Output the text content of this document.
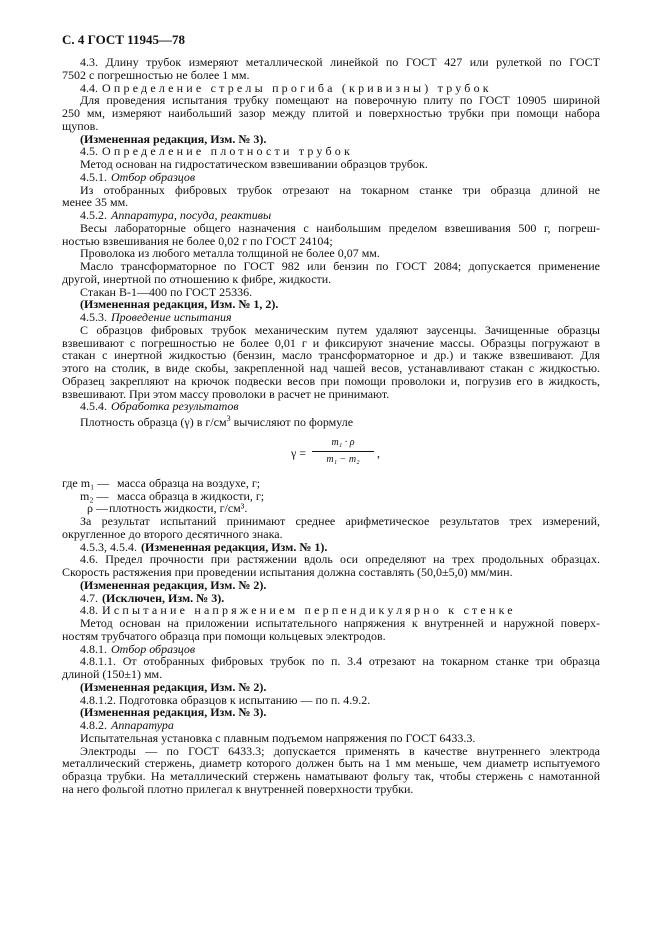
С. 4 ГОСТ 11945—78
4.3. Длину трубок измеряют металлической линейкой по ГОСТ 427 или рулеткой по ГОСТ
7502 с погрешностью не более 1 мм.
4.4. Определение стрелы прогиба (кривизны) трубок
Для проведения испытания трубку помещают на поверочную плиту по ГОСТ 10905 шириной
250 мм, измеряют наибольший зазор между плитой и поверхностью трубки при помощи набора
щупов.
(Измененная редакция, Изм. № 3).
4.5. Определение плотности трубок
Метод основан на гидростатическом взвешивании образцов трубок.
4.5.1. Отбор образцов
Из отобранных фибровых трубок отрезают на токарном станке три образца длиной не
менее 35 мм.
4.5.2. Аппаратура, посуда, реактивы
Весы лабораторные общего назначения с наибольшим пределом взвешивания 500 г, погреш-
ностью взвешивания не более 0,02 г по ГОСТ 24104;
Проволока из любого металла толщиной не более 0,07 мм.
Масло трансформаторное по ГОСТ 982 или бензин по ГОСТ 2084; допускается применение
другой, инертной по отношению к фибре, жидкости.
Стакан В-1—400 по ГОСТ 25336.
(Измененная редакция, Изм. № 1, 2).
4.5.3. Проведение испытания
С образцов фибровых трубок механическим путем удаляют заусенцы. Зачищенные образцы
взвешивают с погрешностью не более 0,01 г и фиксируют значение массы. Образцы погружают в
стакан с инертной жидкостью (бензин, масло трансформаторное и др.) и также взвешивают. Для
этого на столик, в виде скобы, закрепленной над чашей весов, устанавливают стакан с жидкостью.
Образец закрепляют на крючок подвески весов при помощи проволоки и, погрузив его в жидкость,
взвешивают. При этом массу проволоки в расчет не принимают.
4.5.4. Обработка результатов
Плотность образца (γ) в $г/см^3$ вычисляют по формуле
γ =
m₁ · ρ
m₁ − m₂	,
где m₁ — масса образца на воздухе, г;
m₂ — масса образца в жидкости, г;
ρ — плотность жидкости, г/см³.
За результат испытаний принимают среднее арифметическое результатов трех измерений,
округленное до второго десятичного знака.
4.5.3, 4.5.4. (Измененная редакция, Изм. № 1).
4.6. Предел прочности при растяжении вдоль оси определяют на трех продольных образцах.
Скорость растяжения при проведении испытания должна составлять (50,0±5,0) мм/мин.
(Измененная редакция, Изм. № 2).
4.7. (Исключен, Изм. № 3).
4.8. Испытание напряжением перпендикулярно к стенке
Метод основан на приложении испытательного напряжения к внутренней и наружной поверх-
ностям трубчатого образца при помощи кольцевых электродов.
4.8.1. Отбор образцов
4.8.1.1. От отобранных фибровых трубок по п. 3.4 отрезают на токарном станке три образца
длиной (150±1) мм.
(Измененная редакция, Изм. № 2).
4.8.1.2. Подготовка образцов к испытанию — по п. 4.9.2.
(Измененная редакция, Изм. № 3).
4.8.2. Аппаратура
Испытательная установка с плавным подъемом напряжения по ГОСТ 6433.3.
Электроды — по ГОСТ 6433.3; допускается применять в качестве внутреннего электрода
металлический стержень, диаметр которого должен быть на 1 мм меньше, чем диаметр испытуемого
образца трубки. На металлический стержень наматывают фольгу так, чтобы стержень с намотанной
на него фольгой плотно прилегал к внутренней поверхности трубки.
